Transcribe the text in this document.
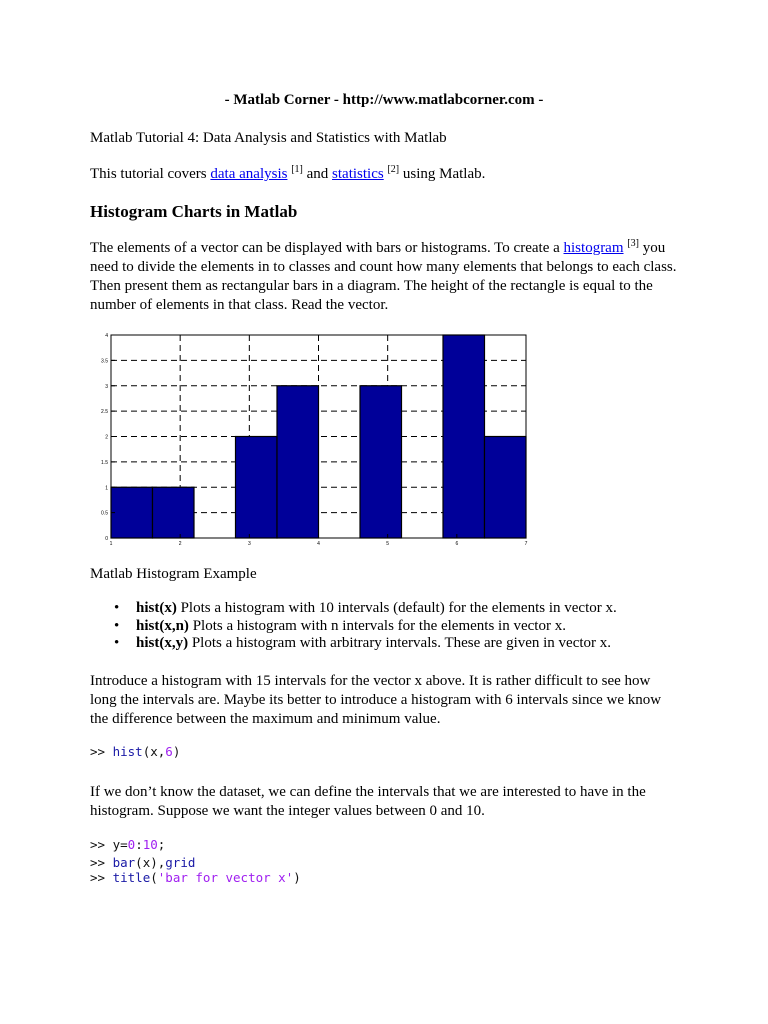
- Matlab Corner - http://www.matlabcorner.com -
Matlab Tutorial 4: Data Analysis and Statistics with Matlab
This tutorial covers data analysis [1] and statistics [2] using Matlab.
Histogram Charts in Matlab
The elements of a vector can be displayed with bars or histograms. To create a histogram [3] you need to divide the elements in to classes and count how many elements that belongs to each class. Then present them as rectangular bars in a diagram. The height of the rectangle is equal to the number of elements in that class. Read the vector.
0
0.5
1
1.5
2
2.5
3
3.5
4
1	2	3	4	5	6	7
Matlab Histogram Example
• hist(x) Plots a histogram with 10 intervals (default) for the elements in vector x.
• hist(x,n) Plots a histogram with n intervals for the elements in vector x.
• hist(x,y) Plots a histogram with arbitrary intervals. These are given in vector x.
Introduce a histogram with 15 intervals for the vector x above. It is rather difficult to see how long the intervals are. Maybe its better to introduce a histogram with 6 intervals since we know the difference between the maximum and minimum value.
>> hist(x,6)
If we don’t know the dataset, we can define the intervals that we are interested to have in the histogram. Suppose we want the integer values between 0 and 10.
>> y=0:10;
>> bar(x),grid
>> title('bar for vector x')
